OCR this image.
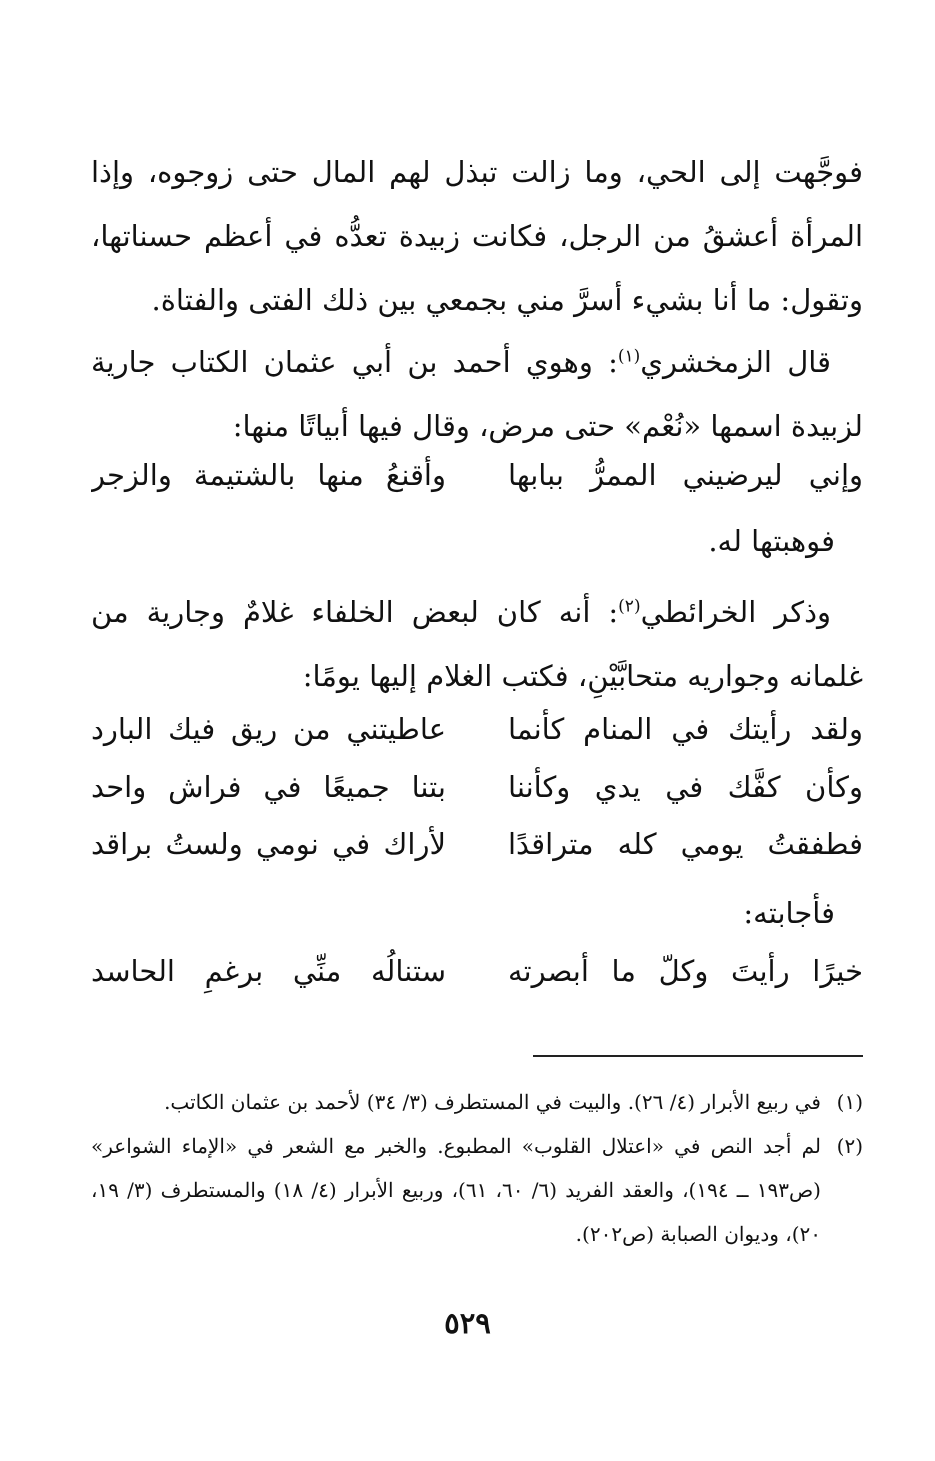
فوجَّهت إلى الحي، وما زالت تبذل لهم المال حتى زوجوه، وإذا المرأة أعشقُ من الرجل، فكانت زبيدة تعدُّه في أعظم حسناتها، وتقول: ما أنا بشيء أسرَّ مني بجمعي بين ذلك الفتى والفتاة.

قال الزمخشري$^{(١)}$: وهوي أحمد بن أبي عثمان الكتاب جارية لزبيدة اسمها «نُعْم» حتى مرض، وقال فيها أبياتًا منها:

وإني ليرضيني الممرُّ ببابها
وأقنعُ منها بالشتيمة والزجر
فوهبتها له.

وذكر الخرائطي$^{(٢)}$: أنه كان لبعض الخلفاء غلامٌ وجارية من غلمانه وجواريه متحابَّيْنِ، فكتب الغلام إليها يومًا:

ولقد رأيتك في المنام كأنما
عاطيتني من ريق فيك البارد
وكأن كفَّك في يدي وكأننا
بتنا جميعًا في فراش واحد
فطفقتُ يومي كله متراقدًا
لأراك في نومي ولستُ براقد
فأجابته:
خيرًا رأيتَ وكلّ ما أبصرته
ستنالُه منِّي برغمِ الحاسد
(١)
في ربيع الأبرار (٤/ ٢٦). والبيت في المستطرف (٣/ ٣٤) لأحمد بن عثمان الكاتب.
(٢)
لم أجد النص في «اعتلال القلوب» المطبوع. والخبر مع الشعر في «الإماء الشواعر» (ص١٩٣ ــ ١٩٤)، والعقد الفريد (٦/ ٦٠، ٦١)، وربيع الأبرار (٤/ ١٨) والمستطرف (٣/ ١٩، ٢٠)، وديوان الصبابة (ص٢٠٢).
٥٢٩
